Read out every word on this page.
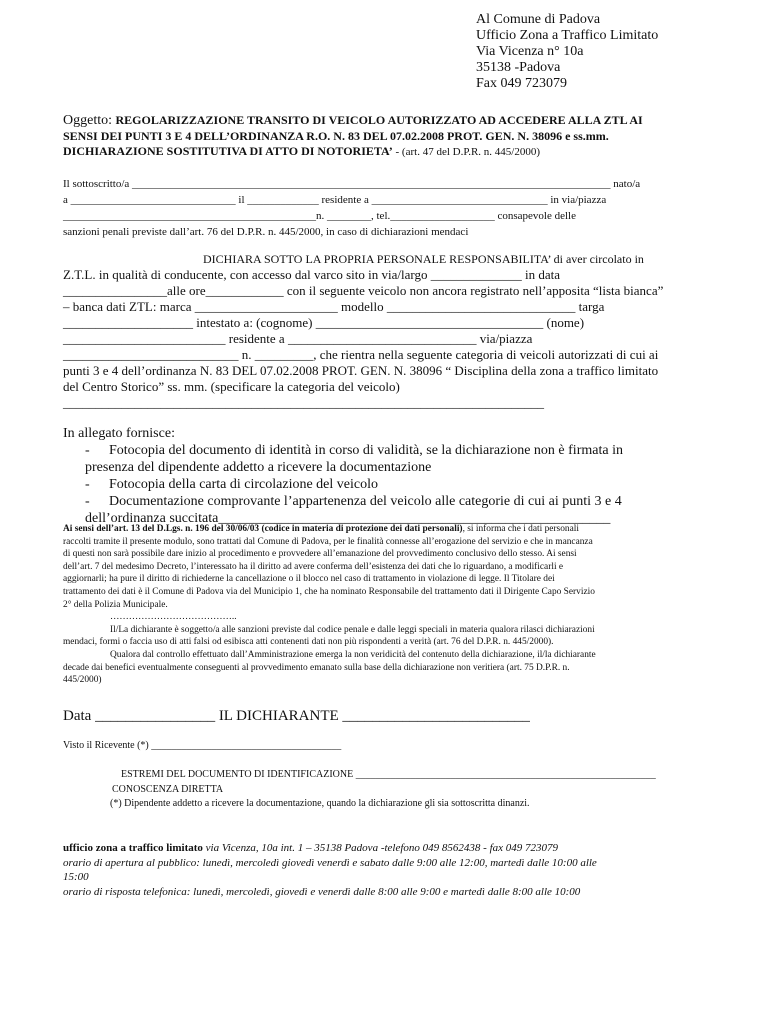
Al Comune di Padova
Ufficio Zona a Traffico Limitato
Via Vicenza n° 10a
35138 -Padova
Fax 049 723079
Oggetto: REGOLARIZZAZIONE TRANSITO DI VEICOLO AUTORIZZATO AD ACCEDERE ALLA ZTL AI
SENSI DEI PUNTI 3 E 4 DELL’ORDINANZA R.O. N. 83 DEL 07.02.2008 PROT. GEN. N. 38096 e ss.mm.
DICHIARAZIONE SOSTITUTIVA DI ATTO DI NOTORIETA’ - (art. 47 del D.P.R. n. 445/2000)
Il sottoscritto/a _______________________________________________________________________________________ nato/a
a ______________________________ il _____________ residente a ________________________________ in via/piazza
______________________________________________n. ________, tel.___________________ consapevole delle
sanzioni penali previste dall’art. 76 del D.P.R. n. 445/2000, in caso di dichiarazioni mendaci
DICHIARA SOTTO LA PROPRIA PERSONALE RESPONSABILITA’ di aver circolato in
Z.T.L. in qualità di conducente, con accesso dal varco sito in via/largo ______________ in data
________________alle ore____________ con il seguente veicolo non ancora registrato nell’apposita “lista bianca”
– banca dati ZTL: marca ______________________ modello _____________________________ targa
____________________ intestato a: (cognome) ___________________________________ (nome)
_________________________ residente a _____________________________ via/piazza
___________________________ n. _________, che rientra nella seguente categoria di veicoli autorizzati di cui ai
punti 3 e 4 dell’ordinanza N. 83 DEL 07.02.2008 PROT. GEN. N. 38096 “ Disciplina della zona a traffico limitato
del Centro Storico” ss. mm. (specificare la categoria del veicolo)
__________________________________________________________________________
In allegato fornisce:
- Fotocopia del documento di identità in corso di validità, se la dichiarazione non è firmata in
presenza del dipendente addetto a ricevere la documentazione
- Fotocopia della carta di circolazione del veicolo
- Documentazione comprovante l’appartenenza del veicolo alle categorie di cui ai punti 3 e 4
dell’ordinanza succitata________________________________________________________
Ai sensi dell’art. 13 del D.Lgs. n. 196 del 30/06/03 (codice in materia di protezione dei dati personali), si informa che i dati personali
raccolti tramite il presente modulo, sono trattati dal Comune di Padova, per le finalità connesse all’erogazione del servizio e che in mancanza
di questi non sarà possibile dare inizio al procedimento e provvedere all’emanazione del provvedimento conclusivo dello stesso. Ai sensi
dell’art. 7 del medesimo Decreto, l’interessato ha il diritto ad avere conferma dell’esistenza dei dati che lo riguardano, a modificarli e
aggiornarli; ha pure il diritto di richiederne la cancellazione o il blocco nel caso di trattamento in violazione di legge. Il Titolare dei
trattamento dei dati è il Comune di Padova via del Municipio 1, che ha nominato Responsabile del trattamento dati il Dirigente Capo Servizio
2° della Polizia Municipale.
…………………………………..
Il/La dichiarante è soggetto/a alle sanzioni previste dal codice penale e dalle leggi speciali in materia qualora rilasci dichiarazioni
mendaci, formi o faccia uso di atti falsi od esibisca atti contenenti dati non più rispondenti a verità (art. 76 del D.P.R. n. 445/2000).
Qualora dal controllo effettuato dall’Amministrazione emerga la non veridicità del contenuto della dichiarazione, il/la dichiarante
decade dai benefici eventualmente conseguenti al provvedimento emanato sulla base della dichiarazione non veritiera (art. 75 D.P.R. n.
445/2000)
Data ________________ IL DICHIARANTE _________________________
Visto il Ricevente (*) ______________________________________
ESTREMI DEL DOCUMENTO DI IDENTIFICAZIONE ____________________________________________________________
CONOSCENZA DIRETTA
(*) Dipendente addetto a ricevere la documentazione, quando la dichiarazione gli sia sottoscritta dinanzi.
ufficio zona a traffico limitato via Vicenza, 10a int. 1 – 35138 Padova -telefono 049 8562438 - fax 049 723079
orario di apertura al pubblico: lunedì, mercoledì giovedì venerdì e sabato dalle 9:00 alle 12:00, martedì dalle 10:00 alle
15:00
orario di risposta telefonica: lunedì, mercoledì, giovedì e venerdì dalle 8:00 alle 9:00 e martedì dalle 8:00 alle 10:00
